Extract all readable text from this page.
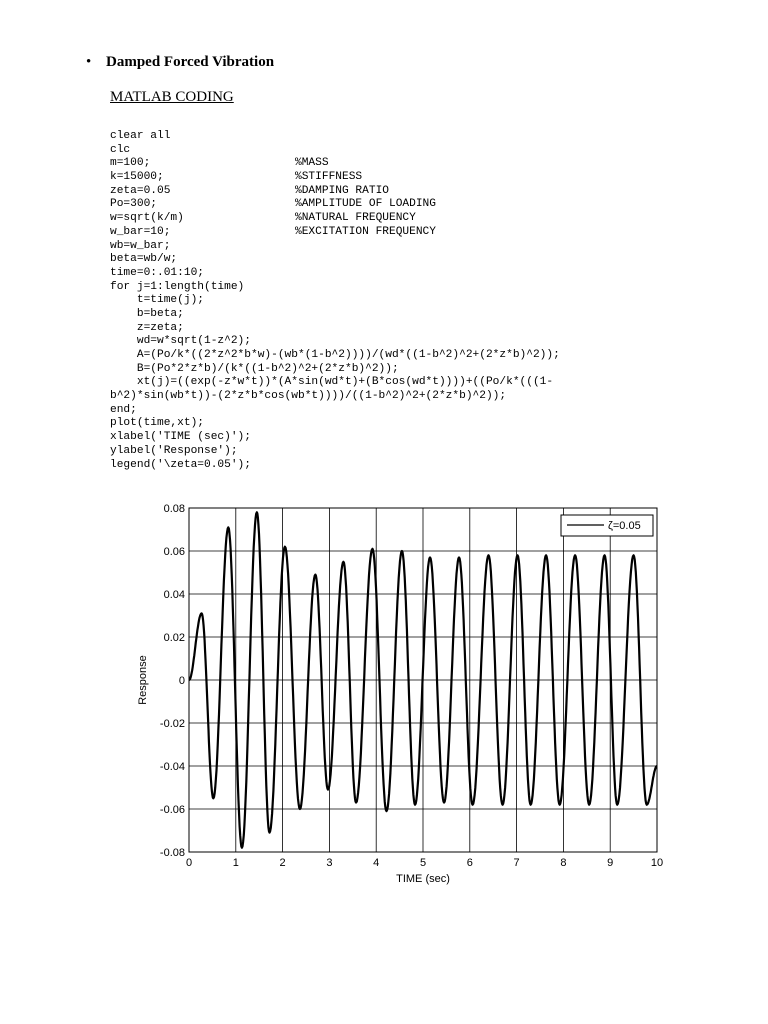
• Damped Forced Vibration
MATLAB CODING
clear all
clc
m=100;	%MASS
k=15000;	%STIFFNESS
zeta=0.05	%DAMPING RATIO
Po=300;	%AMPLITUDE OF LOADING
w=sqrt(k/m)	%NATURAL FREQUENCY
w_bar=10;	%EXCITATION FREQUENCY
wb=w_bar;
beta=wb/w;
time=0:.01:10;
for j=1:length(time)
t=time(j);
b=beta;
z=zeta;
wd=w*sqrt(1-z^2);
A=(Po/k*((2*z^2*b*w)-(wb*(1-b^2))))/(wd*((1-b^2)^2+(2*z*b)^2));
B=(Po*2*z*b)/(k*((1-b^2)^2+(2*z*b)^2));
xt(j)=((exp(-z*w*t))*(A*sin(wd*t)+(B*cos(wd*t))))+((Po/k*(((1-
b^2)*sin(wb*t))-(2*z*b*cos(wb*t))))/((1-b^2)^2+(2*z*b)^2));
end;
plot(time,xt);
xlabel('TIME (sec)');
ylabel('Response');
legend('\zeta=0.05');
0	1	2	3	4	5	6	7	8	9	10
0.08
0.06
0.04
0.02
0
-0.02
-0.04
-0.06
-0.08
TIME (sec)
Response
ζ=0.05
